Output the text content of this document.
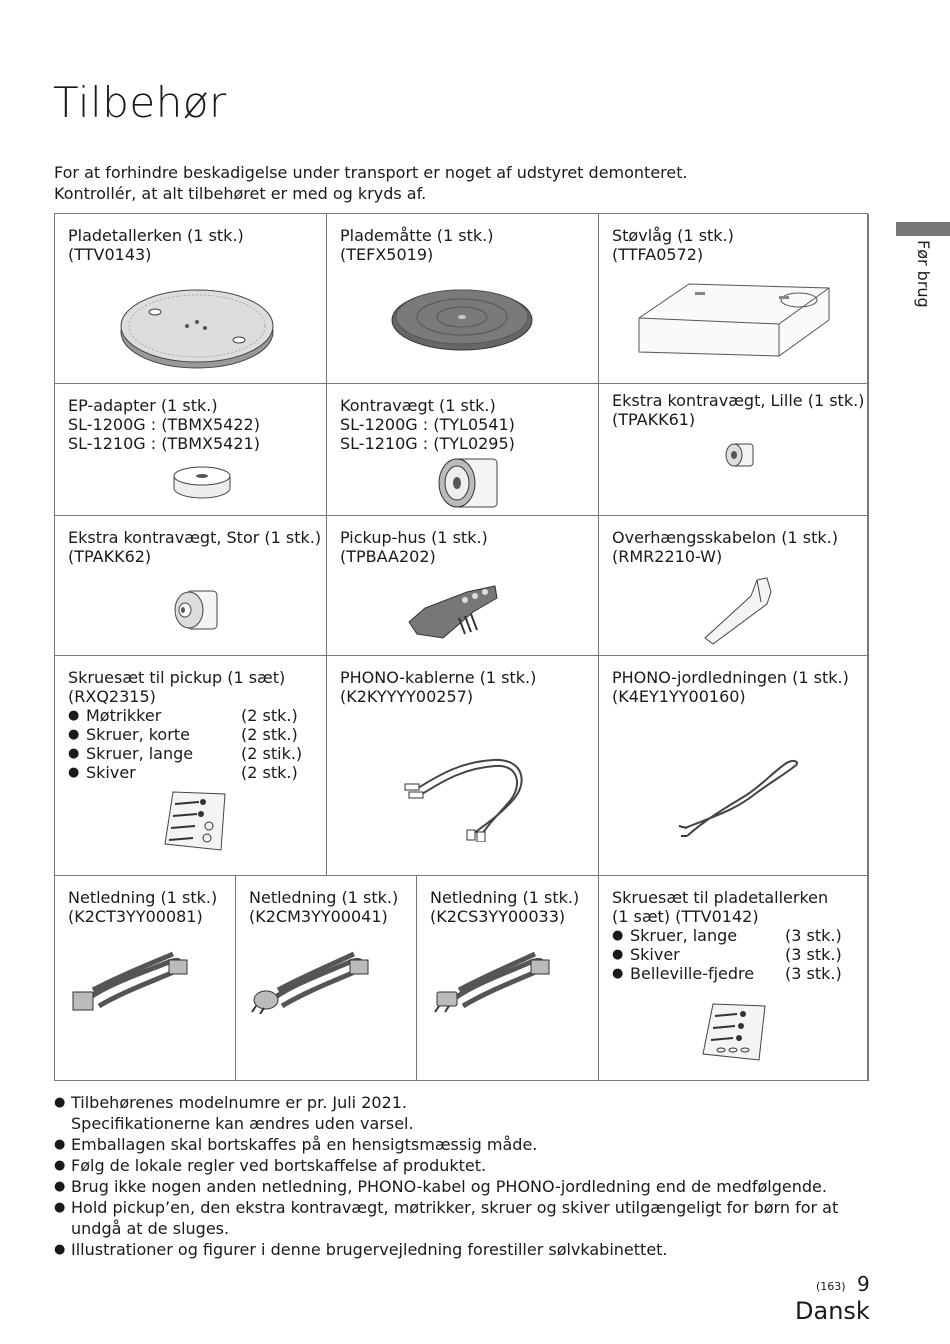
Tilbehør
For at forhindre beskadigelse under transport er noget af udstyret demonteret.
Kontrollér, at alt tilbehøret er med og kryds af.
Før brug
Pladetallerken (1 stk.)
(TTV0143)
Plademåtte (1 stk.)
(TEFX5019)
Støvlåg (1 stk.)
(TTFA0572)
EP-adapter (1 stk.)
SL-1200G : (TBMX5422)
SL-1210G : (TBMX5421)
Kontravægt (1 stk.)
SL-1200G : (TYL0541)
SL-1210G : (TYL0295)
Ekstra kontravægt, Lille (1 stk.)
(TPAKK61)
Ekstra kontravægt, Stor (1 stk.)
(TPAKK62)
Pickup-hus (1 stk.)
(TPBAA202)
Overhængsskabelon (1 stk.)
(RMR2210-W)
Skruesæt til pickup (1 sæt)
(RXQ2315)
● Møtrikker	(2 stk.)
● Skruer, korte	(2 stk.)
● Skruer, lange	(2 stik.)
● Skiver	(2 stk.)
PHONO-kablerne (1 stk.)
(K2KYYYY00257)
PHONO-jordledningen (1 stk.)
(K4EY1YY00160)
Netledning (1 stk.)
(K2CT3YY00081)
Netledning (1 stk.)
(K2CM3YY00041)
Netledning (1 stk.)
(K2CS3YY00033)
Skruesæt til pladetallerken
(1 sæt) (TTV0142)
● Skruer, lange	(3 stk.)
● Skiver	(3 stk.)
● Belleville-fjedre (3 stk.)
● Tilbehørenes modelnumre er pr. Juli 2021.
Specifikationerne kan ændres uden varsel.
● Emballagen skal bortskaffes på en hensigtsmæssig måde.
● Følg de lokale regler ved bortskaffelse af produktet.
● Brug ikke nogen anden netledning, PHONO-kabel og PHONO-jordledning end de medfølgende.
● Hold pickup’en, den ekstra kontravægt, møtrikker, skruer og skiver utilgængeligt for børn for at
undgå at de sluges.
● Illustrationer og figurer i denne brugervejledning forestiller sølvkabinettet.
(163) 9
Dansk
